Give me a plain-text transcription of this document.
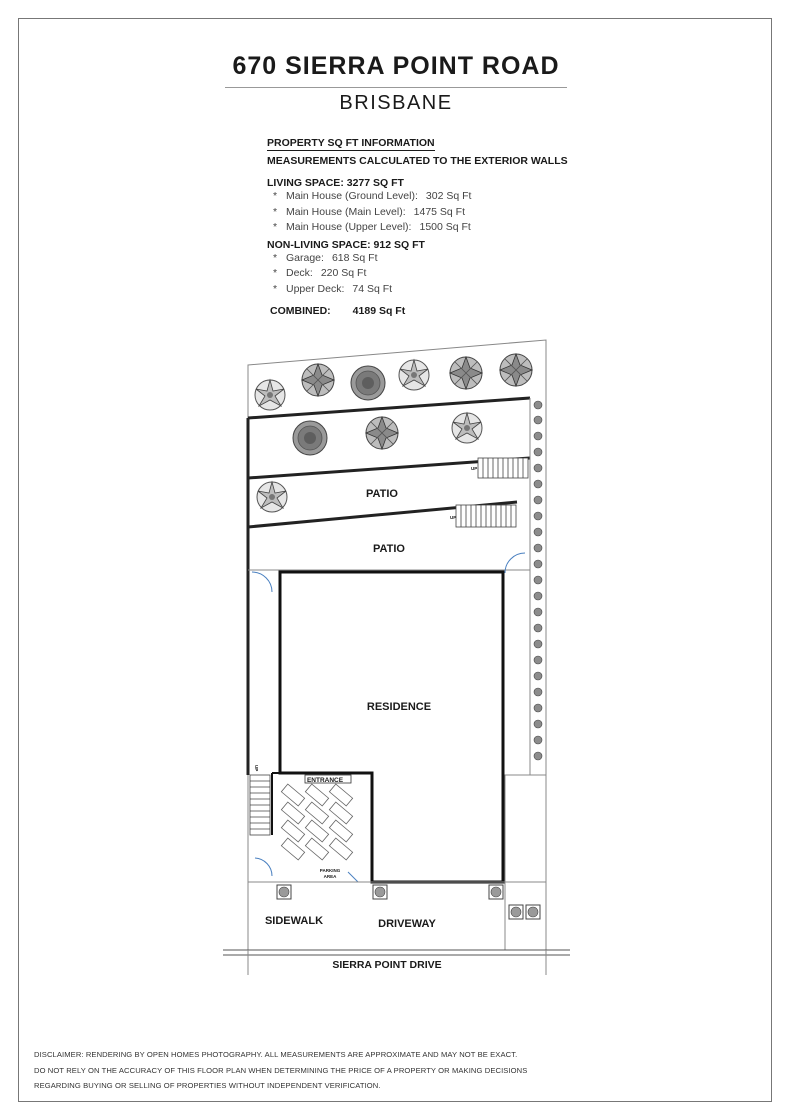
670 SIERRA POINT ROAD
BRISBANE
PROPERTY SQ FT INFORMATION
MEASUREMENTS CALCULATED TO THE EXTERIOR WALLS
LIVING SPACE: 3277 SQ FT
* Main House (Ground Level): 302 Sq Ft
* Main House (Main Level): 1475 Sq Ft
* Main House (Upper Level): 1500 Sq Ft
NON-LIVING SPACE: 912 SQ FT
* Garage: 618 Sq Ft
* Deck: 220 Sq Ft
* Upper Deck: 74 Sq Ft
COMBINED: 4189 Sq Ft
PATIO
PATIO
RESIDENCE
ENTRANCE
PARKING
AREA
SIDEWALK	DRIVEWAY
SIERRA POINT DRIVE
UP
UP
UP
DISCLAIMER: RENDERING BY OPEN HOMES PHOTOGRAPHY. ALL MEASUREMENTS ARE APPROXIMATE AND MAY NOT BE EXACT.
DO NOT RELY ON THE ACCURACY OF THIS FLOOR PLAN WHEN DETERMINING THE PRICE OF A PROPERTY OR MAKING DECISIONS
REGARDING BUYING OR SELLING OF PROPERTIES WITHOUT INDEPENDENT VERIFICATION.
